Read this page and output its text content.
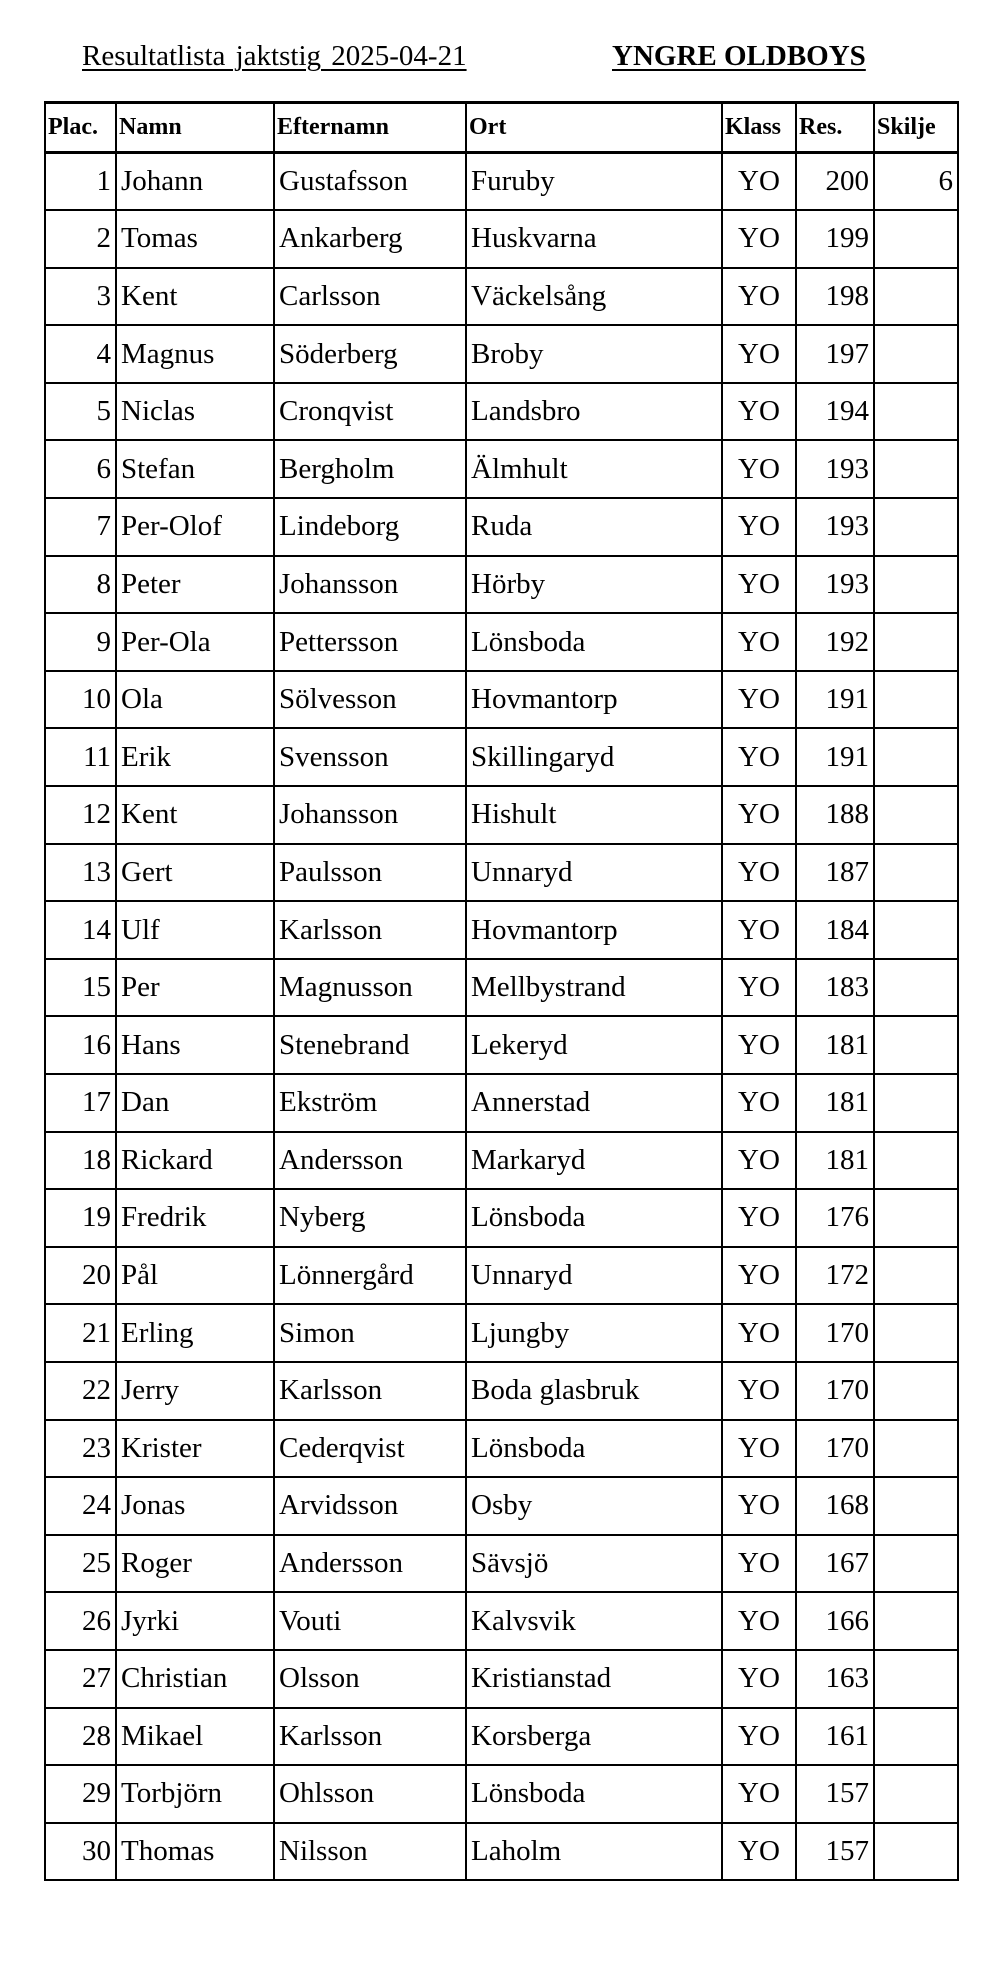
Resultatlista jaktstig 2025-04-21	YNGRE OLDBOYS
Plac.	Namn	Efternamn	Ort	Klass	Res.	Skilje
1	Johann	Gustafsson	Furuby	YO	200	6
2	Tomas	Ankarberg	Huskvarna	YO	199	
3	Kent	Carlsson	Väckelsång	YO	198	
4	Magnus	Söderberg	Broby	YO	197	
5	Niclas	Cronqvist	Landsbro	YO	194	
6	Stefan	Bergholm	Älmhult	YO	193	
7	Per-Olof	Lindeborg	Ruda	YO	193	
8	Peter	Johansson	Hörby	YO	193	
9	Per-Ola	Pettersson	Lönsboda	YO	192	
10	Ola	Sölvesson	Hovmantorp	YO	191	
11	Erik	Svensson	Skillingaryd	YO	191	
12	Kent	Johansson	Hishult	YO	188	
13	Gert	Paulsson	Unnaryd	YO	187	
14	Ulf	Karlsson	Hovmantorp	YO	184	
15	Per	Magnusson	Mellbystrand	YO	183	
16	Hans	Stenebrand	Lekeryd	YO	181	
17	Dan	Ekström	Annerstad	YO	181	
18	Rickard	Andersson	Markaryd	YO	181	
19	Fredrik	Nyberg	Lönsboda	YO	176	
20	Pål	Lönnergård	Unnaryd	YO	172	
21	Erling	Simon	Ljungby	YO	170	
22	Jerry	Karlsson	Boda glasbruk	YO	170	
23	Krister	Cederqvist	Lönsboda	YO	170	
24	Jonas	Arvidsson	Osby	YO	168	
25	Roger	Andersson	Sävsjö	YO	167	
26	Jyrki	Vouti	Kalvsvik	YO	166	
27	Christian	Olsson	Kristianstad	YO	163	
28	Mikael	Karlsson	Korsberga	YO	161	
29	Torbjörn	Ohlsson	Lönsboda	YO	157	
30	Thomas	Nilsson	Laholm	YO	157	
